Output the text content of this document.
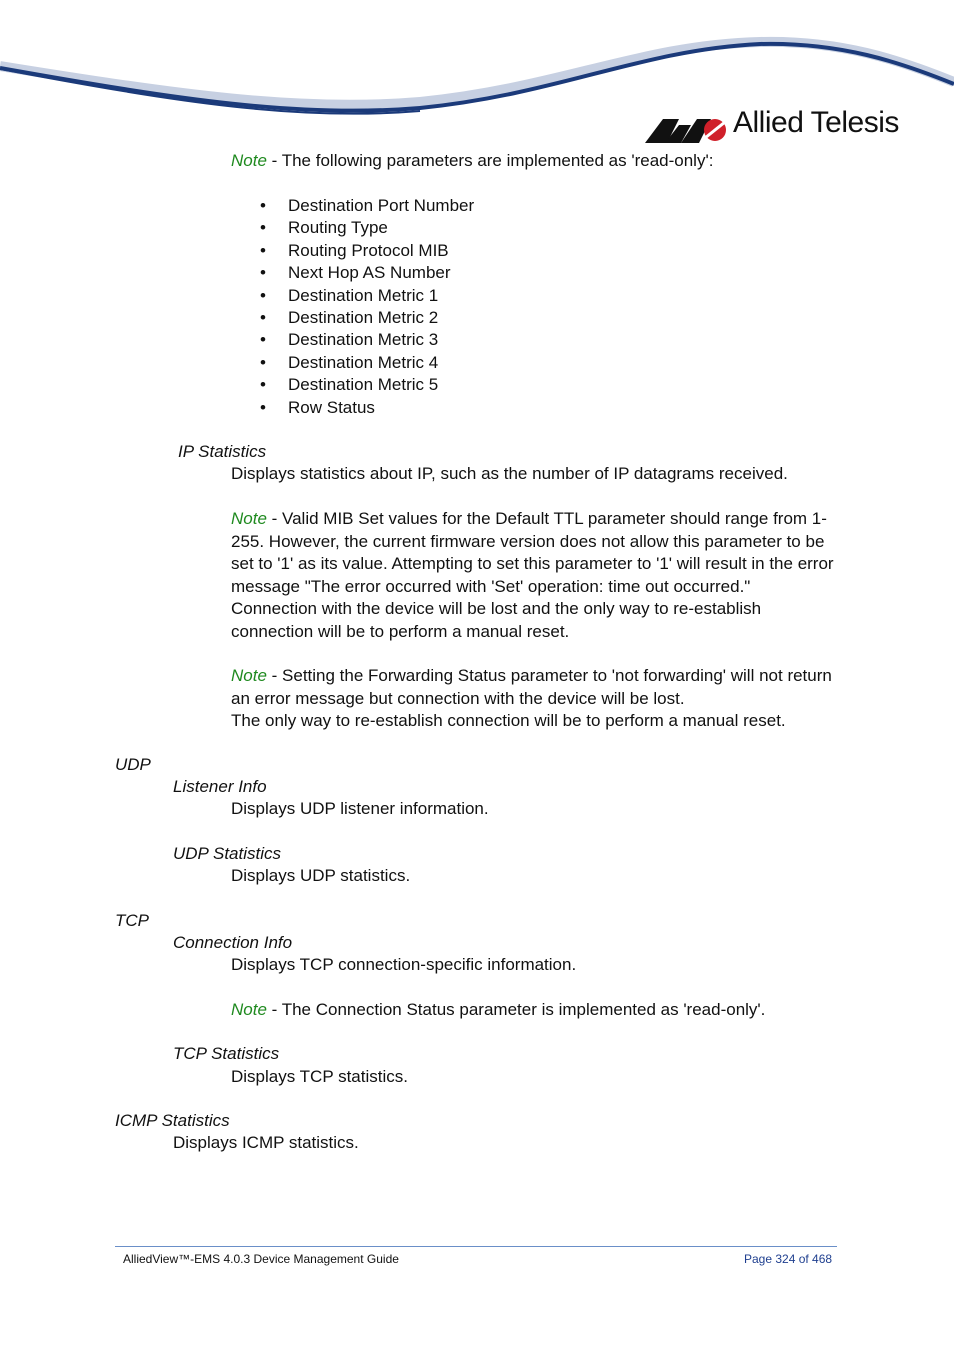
Allied Telesis
Note - The following parameters are implemented as 'read-only':
• Destination Port Number
• Routing Type
• Routing Protocol MIB
• Next Hop AS Number
• Destination Metric 1
• Destination Metric 2
• Destination Metric 3
• Destination Metric 4
• Destination Metric 5
• Row Status
IP Statistics
Displays statistics about IP, such as the number of IP datagrams received.
Note - Valid MIB Set values for the Default TTL parameter should range from 1-255. However, the current firmware version does not allow this parameter to be set to '1' as its value. Attempting to set this parameter to '1' will result in the error message "The error occurred with 'Set' operation: time out occurred." Connection with the device will be lost and the only way to re-establish connection will be to perform a manual reset.
Note - Setting the Forwarding Status parameter to 'not forwarding' will not return an error message but connection with the device will be lost.
The only way to re-establish connection will be to perform a manual reset.
UDP
Listener Info
Displays UDP listener information.
UDP Statistics
Displays UDP statistics.
TCP
Connection Info
Displays TCP connection-specific information.
Note - The Connection Status parameter is implemented as 'read-only'.
TCP Statistics
Displays TCP statistics.
ICMP Statistics
Displays ICMP statistics.
AlliedView™-EMS 4.0.3 Device Management Guide	Page 324 of 468
